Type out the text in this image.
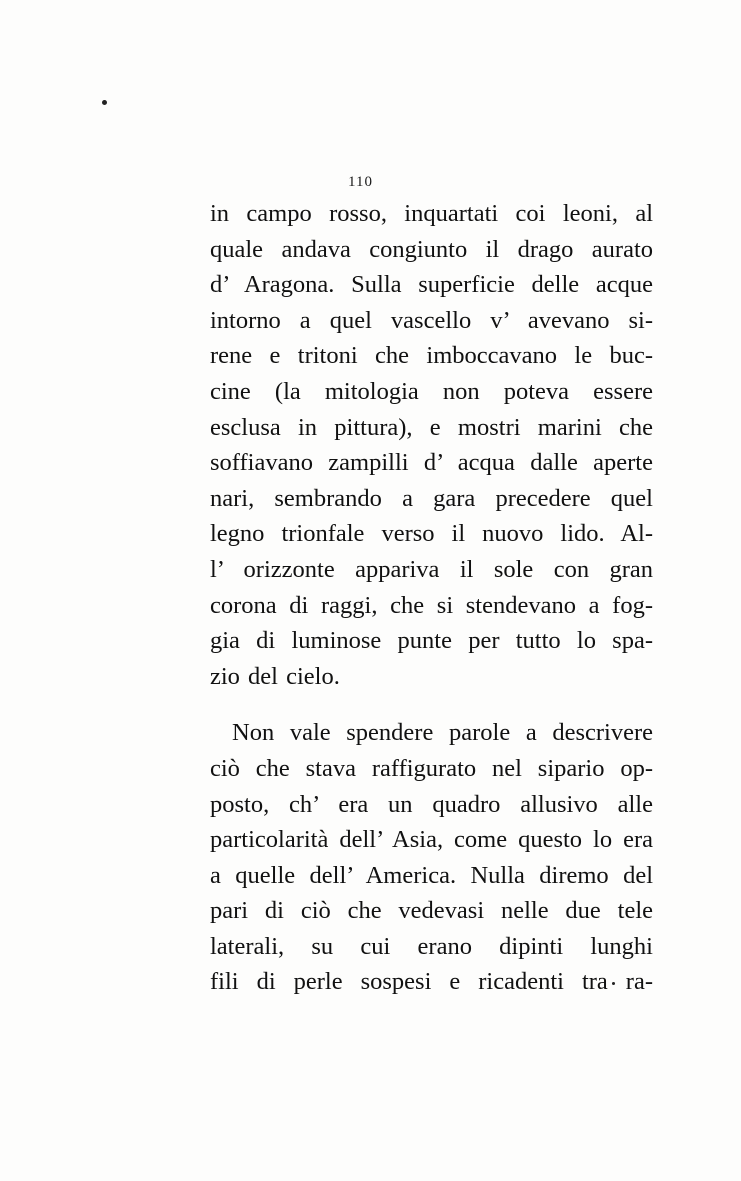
110
in campo rosso, inquartati coi leoni, al
quale andava congiunto il drago aurato
d’ Aragona. Sulla superficie delle acque
intorno a quel vascello v’ avevano si-
rene e tritoni che imboccavano le buc-
cine (la mitologia non poteva essere
esclusa in pittura), e mostri marini che
soffiavano zampilli d’ acqua dalle aperte
nari, sembrando a gara precedere quel
legno trionfale verso il nuovo lido. Al-
l’ orizzonte appariva il sole con gran
corona di raggi, che si stendevano a fog-
gia di luminose punte per tutto lo spa-
zio del cielo.
Non vale spendere parole a descrivere
ciò che stava raffigurato nel sipario op-
posto, ch’ era un quadro allusivo alle
particolarità dell’ Asia, come questo lo era
a quelle dell’ America. Nulla diremo del
pari di ciò che vedevasi nelle due tele
laterali, su cui erano dipinti lunghi
fili di perle sospesi e ricadenti tra ra-
